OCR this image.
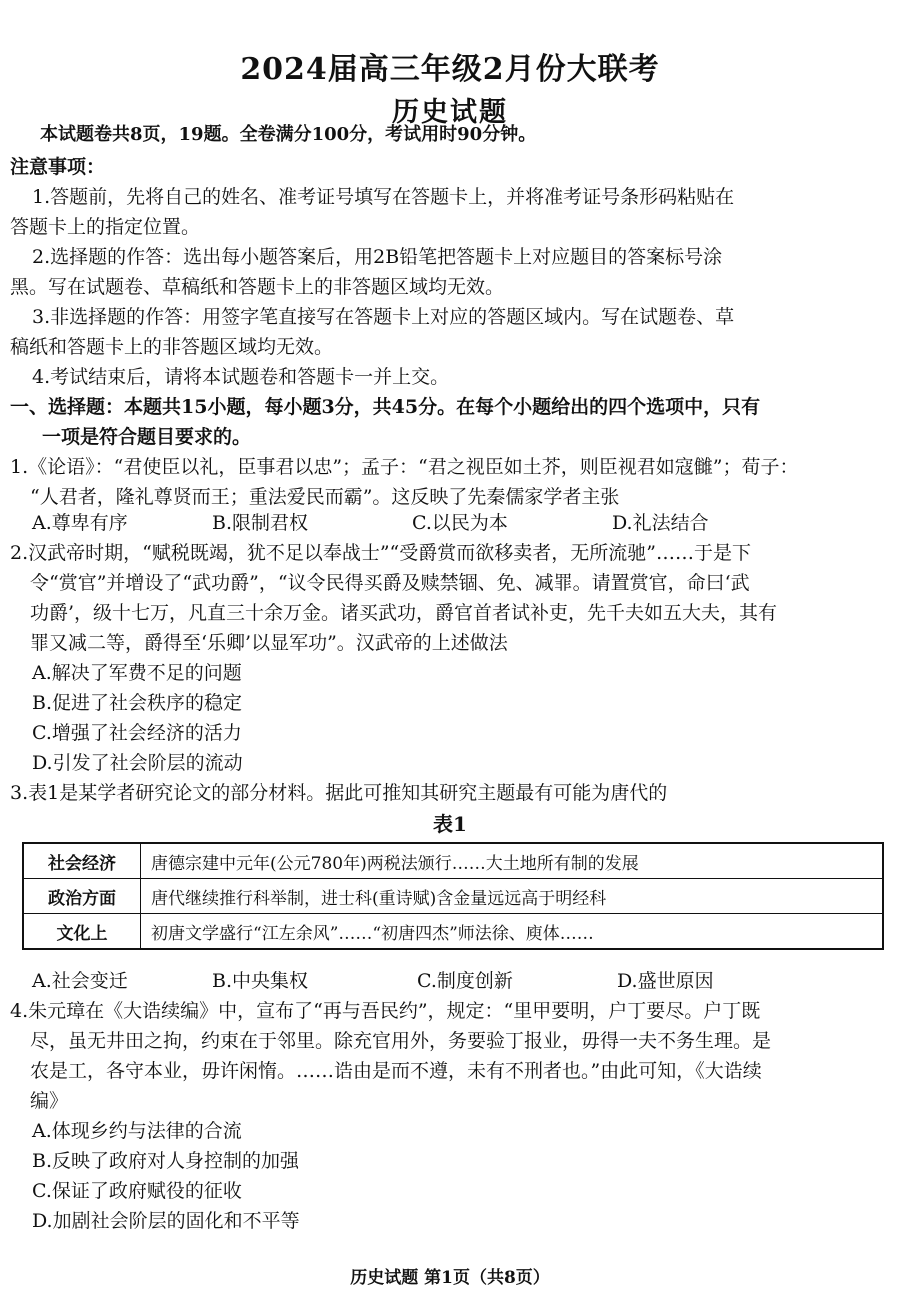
2024届高三年级2月份大联考
历史试题
本试题卷共8页，19题。全卷满分100分，考试用时90分钟。
注意事项：
1.答题前，先将自己的姓名、准考证号填写在答题卡上，并将准考证号条形码粘贴在
答题卡上的指定位置。
2.选择题的作答：选出每小题答案后，用2B铅笔把答题卡上对应题目的答案标号涂
黑。写在试题卷、草稿纸和答题卡上的非答题区域均无效。
3.非选择题的作答：用签字笔直接写在答题卡上对应的答题区域内。写在试题卷、草
稿纸和答题卡上的非答题区域均无效。
4.考试结束后，请将本试题卷和答题卡一并上交。
一、选择题：本题共15小题，每小题3分，共45分。在每个小题给出的四个选项中，只有
一项是符合题目要求的。
1.《论语》：“君使臣以礼，臣事君以忠”；孟子：“君之视臣如土芥，则臣视君如寇雠”；荀子：
“人君者，隆礼尊贤而王；重法爱民而霸”。这反映了先秦儒家学者主张
A.尊卑有序	B.限制君权	C.以民为本	D.礼法结合
2.汉武帝时期，“赋税既竭，犹不足以奉战士”“受爵赏而欲移卖者，无所流驰”……于是下
令“赏官”并增设了“武功爵”，“议令民得买爵及赎禁锢、免、减罪。请置赏官，命曰‘武
功爵’，级十七万，凡直三十余万金。诸买武功，爵官首者试补吏，先千夫如五大夫，其有
罪又减二等，爵得至‘乐卿’以显军功”。汉武帝的上述做法
A.解决了军费不足的问题
B.促进了社会秩序的稳定
C.增强了社会经济的活力
D.引发了社会阶层的流动
3.表1是某学者研究论文的部分材料。据此可推知其研究主题最有可能为唐代的
表1
社会经济	唐德宗建中元年(公元780年)两税法颁行……大土地所有制的发展
政治方面	唐代继续推行科举制，进士科(重诗赋)含金量远远高于明经科
文化上	初唐文学盛行“江左余风”……“初唐四杰”师法徐、庾体……
A.社会变迁	B.中央集权	C.制度创新	D.盛世原因
4.朱元璋在《大诰续编》中，宣布了“再与吾民约”，规定：“里甲要明，户丁要尽。户丁既
尽，虽无井田之拘，约束在于邻里。除充官用外，务要验丁报业，毋得一夫不务生理。是
农是工，各守本业，毋许闲惰。……诰由是而不遵，未有不刑者也。”由此可知，《大诰续
编》
A.体现乡约与法律的合流
B.反映了政府对人身控制的加强
C.保证了政府赋役的征收
D.加剧社会阶层的固化和不平等
历史试题 第1页（共8页）
